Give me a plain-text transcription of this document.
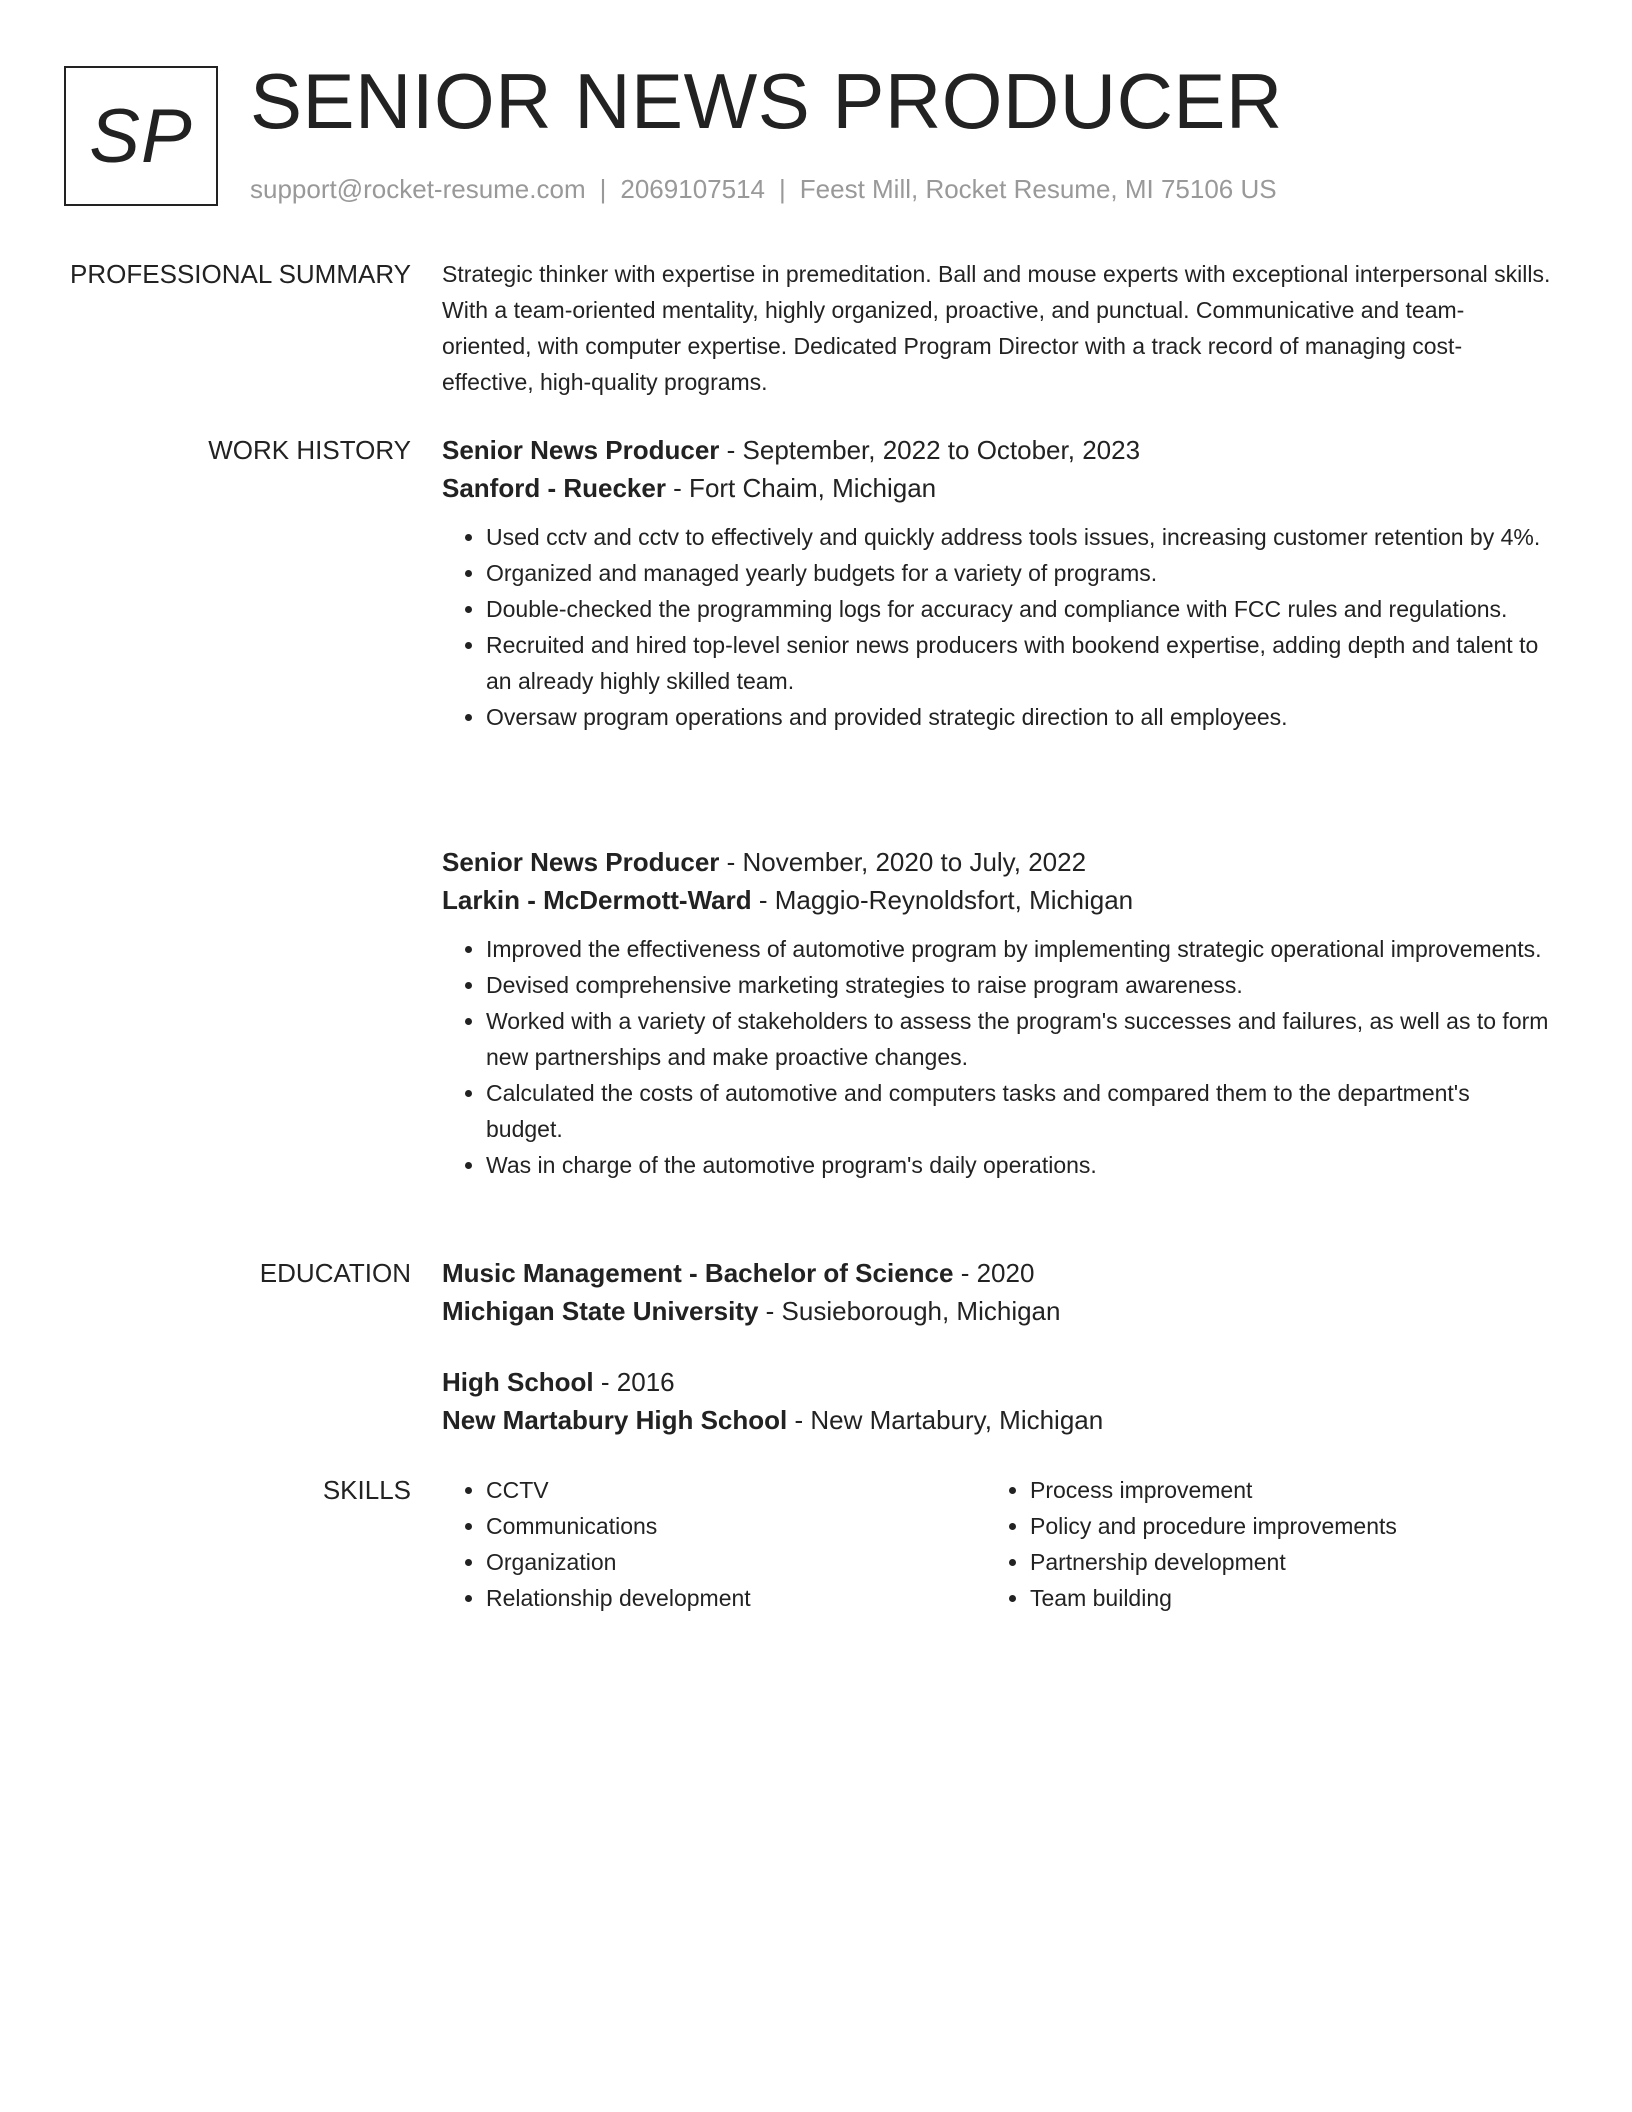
SP SENIOR NEWS PRODUCER
support@rocket-resume.com | 2069107514 | Feest Mill, Rocket Resume, MI 75106 US
PROFESSIONAL SUMMARY Strategic thinker with expertise in premeditation. Ball and mouse experts with exceptional interpersonal skills. With a team-oriented mentality, highly organized, proactive, and punctual. Communicative and team-oriented, with computer expertise. Dedicated Program Director with a track record of managing cost-effective, high-quality programs.

WORK HISTORY Senior News Producer - September, 2022 to October, 2023
Sanford - Ruecker - Fort Chaim, Michigan
• Used cctv and cctv to effectively and quickly address tools issues, increasing customer retention by 4%.
• Organized and managed yearly budgets for a variety of programs.
• Double-checked the programming logs for accuracy and compliance with FCC rules and regulations.
• Recruited and hired top-level senior news producers with bookend expertise, adding depth and talent to an already highly skilled team.
• Oversaw program operations and provided strategic direction to all employees.
Senior News Producer - November, 2020 to July, 2022
Larkin - McDermott-Ward - Maggio-Reynoldsfort, Michigan
• Improved the effectiveness of automotive program by implementing strategic operational improvements.
• Devised comprehensive marketing strategies to raise program awareness.
• Worked with a variety of stakeholders to assess the program's successes and failures, as well as to form new partnerships and make proactive changes.
• Calculated the costs of automotive and computers tasks and compared them to the department's budget.
• Was in charge of the automotive program's daily operations.
EDUCATION Music Management - Bachelor of Science - 2020
Michigan State University - Susieborough, Michigan
High School - 2016
New Martabury High School - New Martabury, Michigan
SKILLS
•	CCTV
• Communications
• Organization
• Relationship development
• Process improvement
• Policy and procedure improvements
• Partnership development
• Team building
